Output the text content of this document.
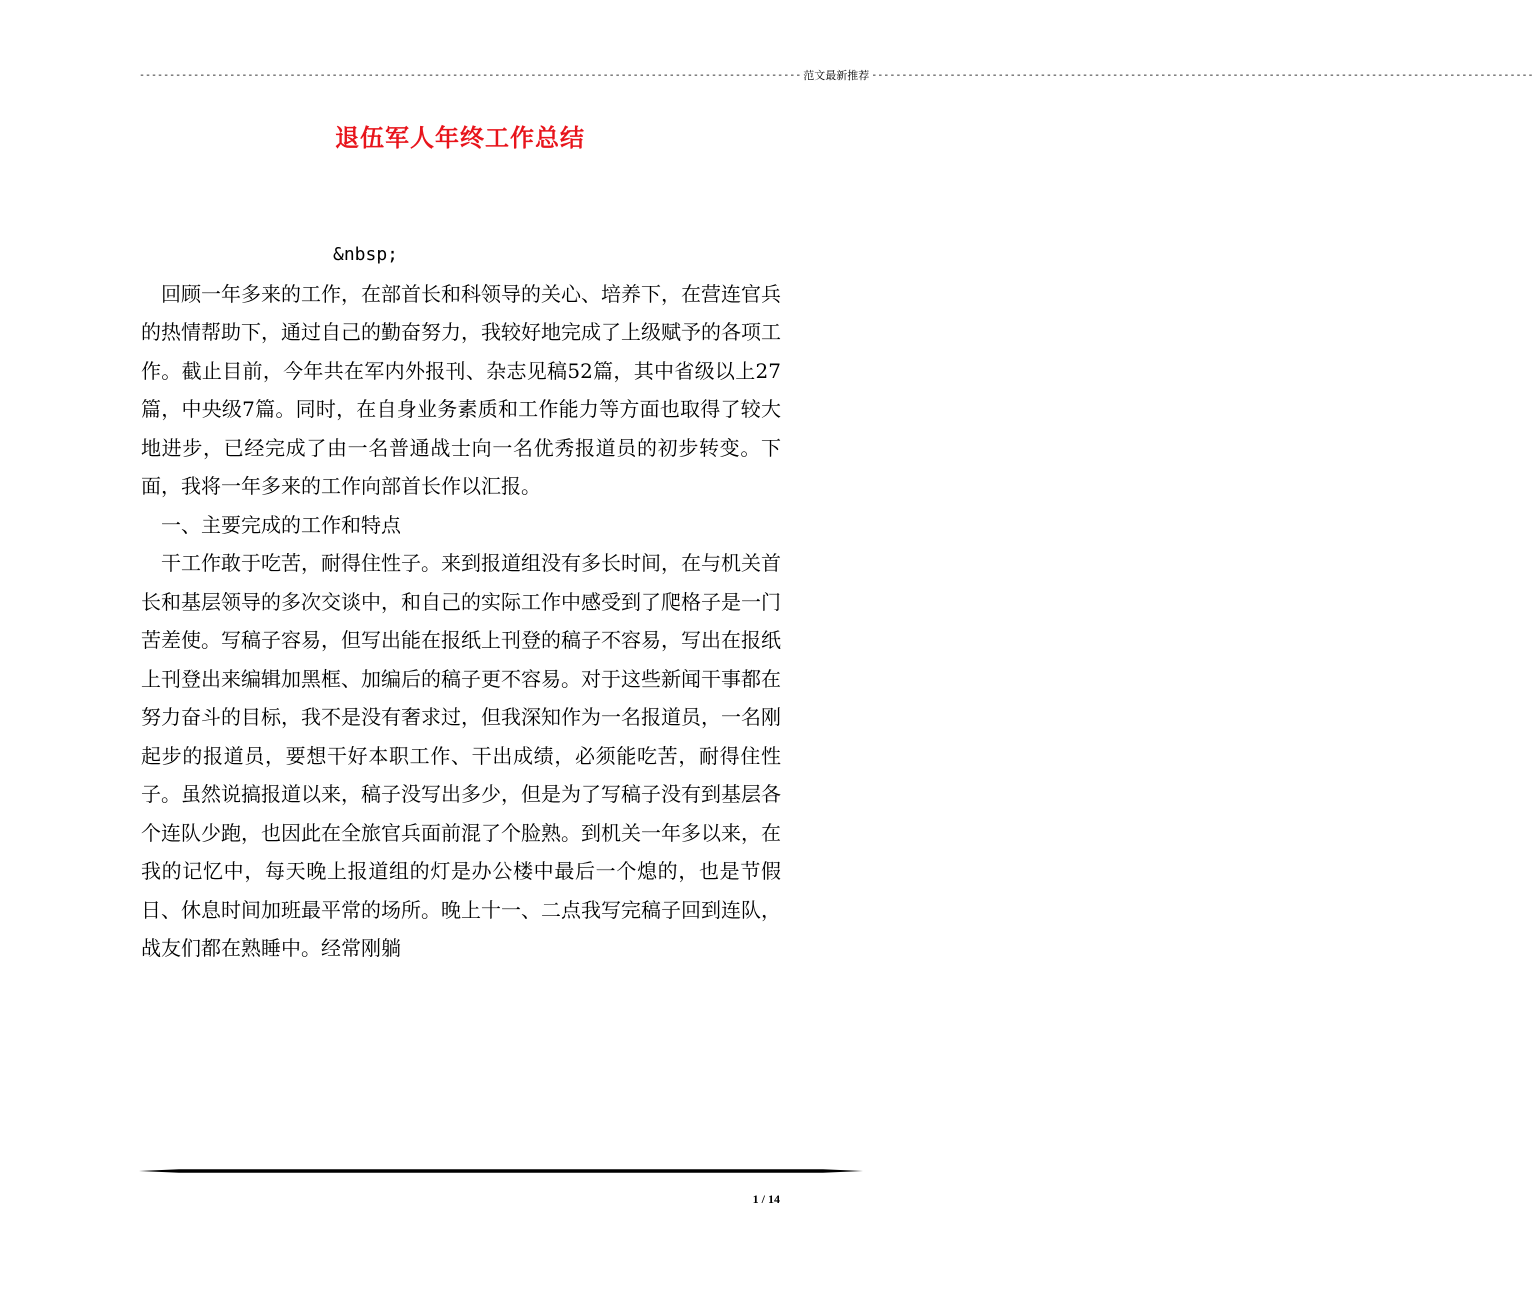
-------------------------------------------------------------------------------------------------------------- 范文最新推荐 --------------------------------------------------------------------------------------------------------------
退伍军人年终工作总结

&nbsp;

回顾一年多来的工作，在部首长和科领导的关心、培养下，在营连官兵的热情帮助下，通过自己的勤奋努力，我较好地完成了上级赋予的各项工作。截止目前，今年共在军内外报刊、杂志见稿52篇，其中省级以上27篇，中央级7篇。同时，在自身业务素质和工作能力等方面也取得了较大地进步，已经完成了由一名普通战士向一名优秀报道员的初步转变。下面，我将一年多来的工作向部首长作以汇报。

一、主要完成的工作和特点

干工作敢于吃苦，耐得住性子。来到报道组没有多长时间，在与机关首长和基层领导的多次交谈中，和自己的实际工作中感受到了爬格子是一门苦差使。写稿子容易，但写出能在报纸上刊登的稿子不容易，写出在报纸上刊登出来编辑加黑框、加编后的稿子更不容易。对于这些新闻干事都在努力奋斗的目标，我不是没有奢求过，但我深知作为一名报道员，一名刚起步的报道员，要想干好本职工作、干出成绩，必须能吃苦，耐得住性子。虽然说搞报道以来，稿子没写出多少，但是为了写稿子没有到基层各个连队少跑，也因此在全旅官兵面前混了个脸熟。到机关一年多以来，在我的记忆中，每天晚上报道组的灯是办公楼中最后一个熄的，也是节假日、休息时间加班最平常的场所。晚上十一、二点我写完稿子回到连队，战友们都在熟睡中。经常刚躺

1 / 14
